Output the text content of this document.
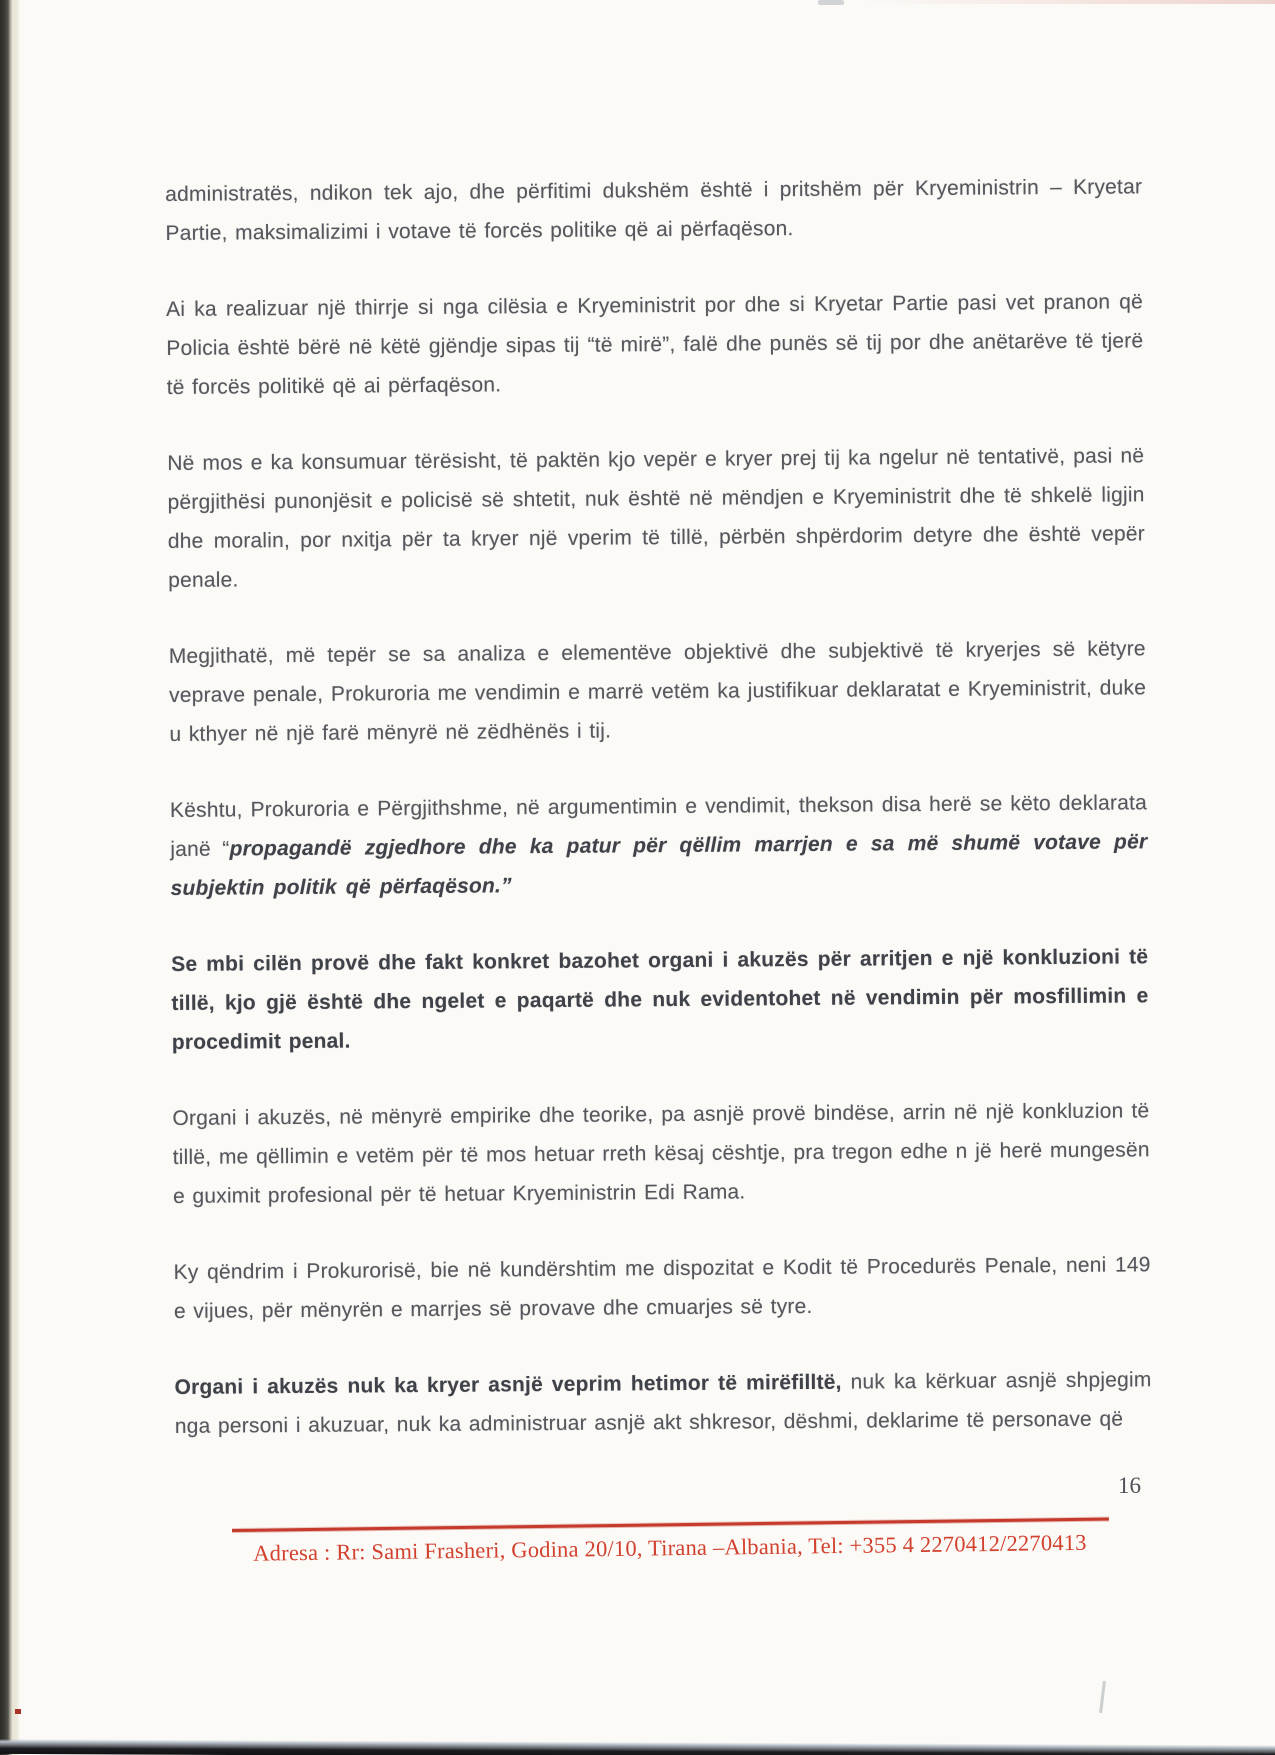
administratës, ndikon tek ajo, dhe përfitimi dukshëm është i pritshëm për Kryeministrin – Kryetar Partie, maksimalizimi i votave të forcës politike që ai përfaqëson.

Ai ka realizuar një thirrje si nga cilësia e Kryeministrit por dhe si Kryetar Partie pasi vet pranon që Policia është bërë në këtë gjëndje sipas tij “të mirë”, falë dhe punës së tij por dhe anëtarëve të tjerë të forcës politikë që ai përfaqëson.

Në mos e ka konsumuar tërësisht, të paktën kjo vepër e kryer prej tij ka ngelur në tentativë, pasi në përgjithësi punonjësit e policisë së shtetit, nuk është në mëndjen e Kryeministrit dhe të shkelë ligjin dhe moralin, por nxitja për ta kryer një vperim të tillë, përbën shpërdorim detyre dhe është vepër penale.

Megjithatë, më tepër se sa analiza e elementëve objektivë dhe subjektivë të kryerjes së këtyre veprave penale, Prokuroria me vendimin e marrë vetëm ka justifikuar deklaratat e Kryeministrit, duke u kthyer në një farë mënyrë në zëdhënës i tij.

Kështu, Prokuroria e Përgjithshme, në argumentimin e vendimit, thekson disa herë se këto deklarata janë “propagandë zgjedhore dhe ka patur për qëllim marrjen e sa më shumë votave për subjektin politik që përfaqëson.”

Se mbi cilën provë dhe fakt konkret bazohet organi i akuzës për arritjen e një konkluzioni të tillë, kjo gjë është dhe ngelet e paqartë dhe nuk evidentohet në vendimin për mosfillimin e procedimit penal.

Organi i akuzës, në mënyrë empirike dhe teorike, pa asnjë provë bindëse, arrin në një konkluzion të tillë, me qëllimin e vetëm për të mos hetuar rreth kësaj cështje, pra tregon edhe n jë herë mungesën e guximit profesional për të hetuar Kryeministrin Edi Rama.

Ky qëndrim i Prokurorisë, bie në kundërshtim me dispozitat e Kodit të Procedurës Penale, neni 149 e vijues, për mënyrën e marrjes së provave dhe cmuarjes së tyre.

Organi i akuzës nuk ka kryer asnjë veprim hetimor të mirëfilltë, nuk ka kërkuar asnjë shpjegim nga personi i akuzuar, nuk ka administruar asnjë akt shkresor, dëshmi, deklarime të personave që

16
Adresa : Rr: Sami Frasheri, Godina 20/10, Tirana –Albania, Tel: +355 4 2270412/2270413
